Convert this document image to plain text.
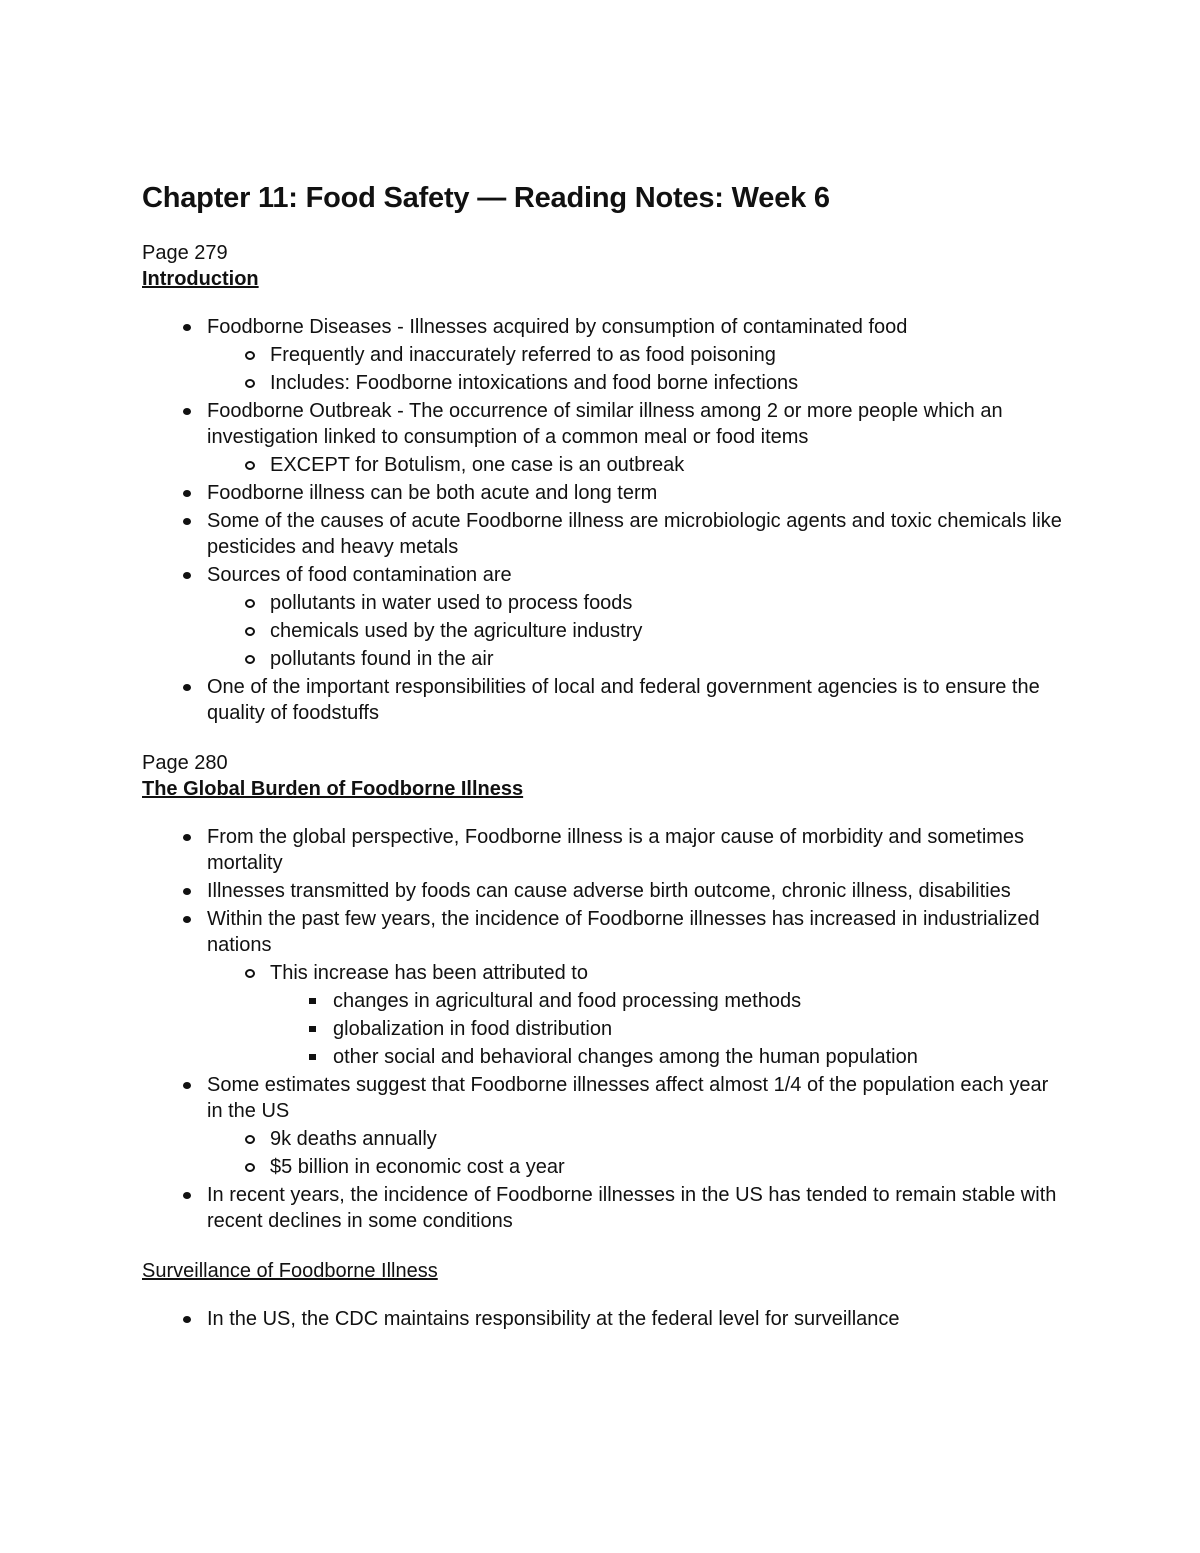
Chapter 11: Food Safety — Reading Notes: Week 6

Page 279

Introduction

Foodborne Diseases - Illnesses acquired by consumption of contaminated food
Frequently and inaccurately referred to as food poisoning
Includes: Foodborne intoxications and food borne infections
Foodborne Outbreak - The occurrence of similar illness among 2 or more people which an investigation linked to consumption of a common meal or food items
EXCEPT for Botulism, one case is an outbreak
Foodborne illness can be both acute and long term
Some of the causes of acute Foodborne illness are microbiologic agents and toxic chemicals like pesticides and heavy metals
Sources of food contamination are
pollutants in water used to process foods
chemicals used by the agriculture industry
pollutants found in the air
One of the important responsibilities of local and federal government agencies is to ensure the quality of foodstuffs

Page 280

The Global Burden of Foodborne Illness

From the global perspective, Foodborne illness is a major cause of morbidity and sometimes mortality
Illnesses transmitted by foods can cause adverse birth outcome, chronic illness, disabilities
Within the past few years, the incidence of Foodborne illnesses has increased in industrialized nations
This increase has been attributed to
changes in agricultural and food processing methods
globalization in food distribution
other social and behavioral changes among the human population
Some estimates suggest that Foodborne illnesses affect almost 1/4 of the population each year in the US
9k deaths annually
$5 billion in economic cost a year
In recent years, the incidence of Foodborne illnesses in the US has tended to remain stable with recent declines in some conditions

Surveillance of Foodborne Illness

In the US, the CDC maintains responsibility at the federal level for surveillance
